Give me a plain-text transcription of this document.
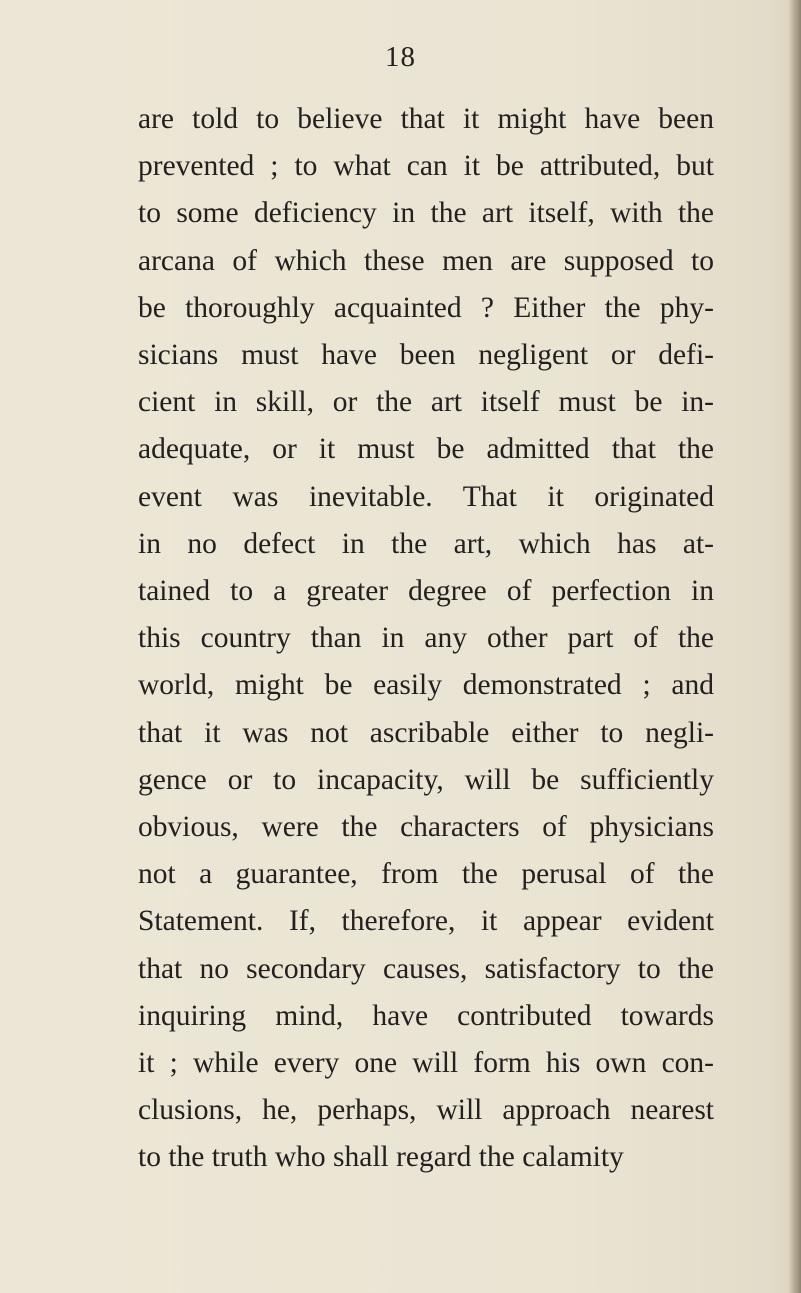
18
are told to believe that it might have been
prevented ; to what can it be attributed, but
to some deficiency in the art itself, with the
arcana of which these men are supposed to
be thoroughly acquainted ? Either the phy-
sicians must have been negligent or defi-
cient in skill, or the art itself must be in-
adequate, or it must be admitted that the
event was inevitable. That it originated
in no defect in the art, which has at-
tained to a greater degree of perfection in
this country than in any other part of the
world, might be easily demonstrated ; and
that it was not ascribable either to negli-
gence or to incapacity, will be sufficiently
obvious, were the characters of physicians
not a guarantee, from the perusal of the
Statement. If, therefore, it appear evident
that no secondary causes, satisfactory to the
inquiring mind, have contributed towards
it ; while every one will form his own con-
clusions, he, perhaps, will approach nearest
to the truth who shall regard the calamity
